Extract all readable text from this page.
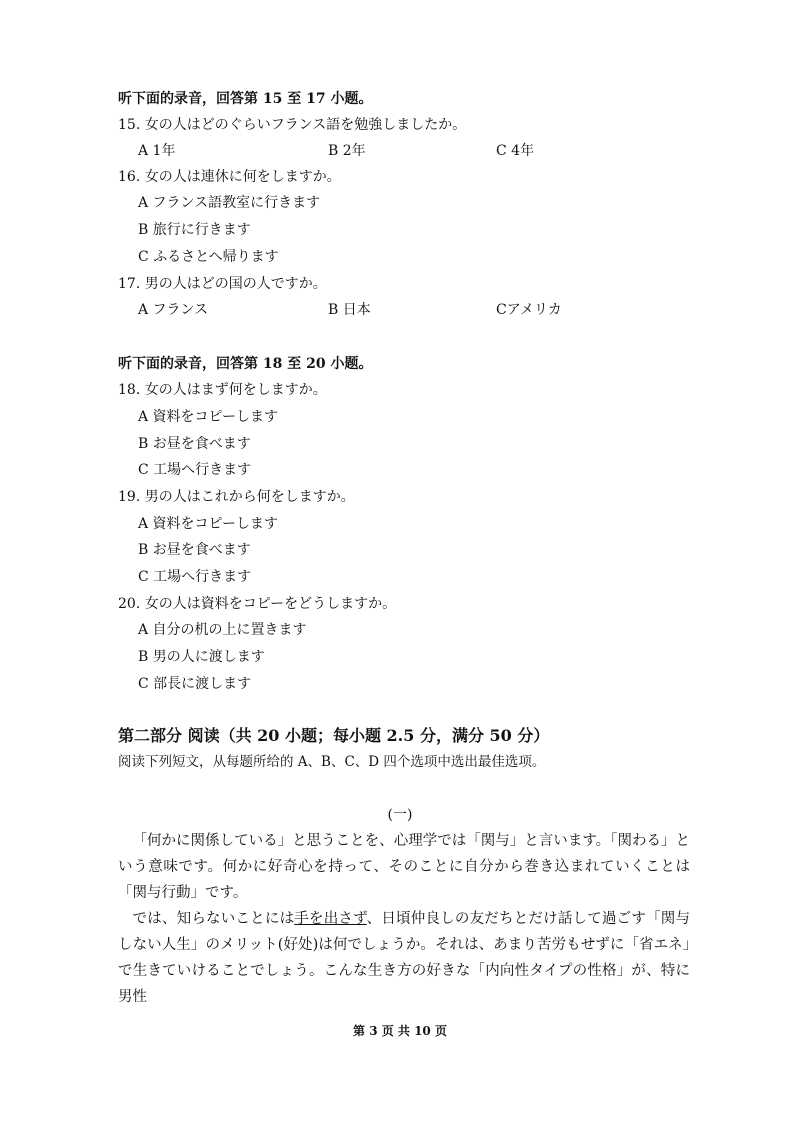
听下面的录音，回答第 15 至 17 小题。
15. 女の人はどのぐらいフランス語を勉強しましたか。
A 1年	B 2年	C 4年
16. 女の人は連休に何をしますか。
A フランス語教室に行きます
B 旅行に行きます
C ふるさとへ帰ります
17. 男の人はどの国の人ですか。
A フランス	B 日本	Cアメリカ
听下面的录音，回答第 18 至 20 小题。
18. 女の人はまず何をしますか。
A 資料をコピーします
B お昼を食べます
C 工場へ行きます
19. 男の人はこれから何をしますか。
A 資料をコピーします
B お昼を食べます
C 工場へ行きます
20. 女の人は資料をコピーをどうしますか。
A 自分の机の上に置きます
B 男の人に渡します
C 部長に渡します
第二部分 阅读（共 20 小题；每小题 2.5 分，满分 50 分）
阅读下列短文，从每题所给的 A、B、C、D 四个选项中选出最佳选项。
(一)
「何かに関係している」と思うことを、心理学では「関与」と言います。「関わる」という意味です。何かに好奇心を持って、そのことに自分から巻き込まれていくことは「関与行動」です。
では、知らないことには手を出さず、日頃仲良しの友だちとだけ話して過ごす「関与しない人生」のメリット(好处)は何でしょうか。それは、あまり苦労もせずに「省エネ」で生きていけることでしょう。こんな生き方の好きな「内向性タイプの性格」が、特に男性
第 3 页 共 10 页
